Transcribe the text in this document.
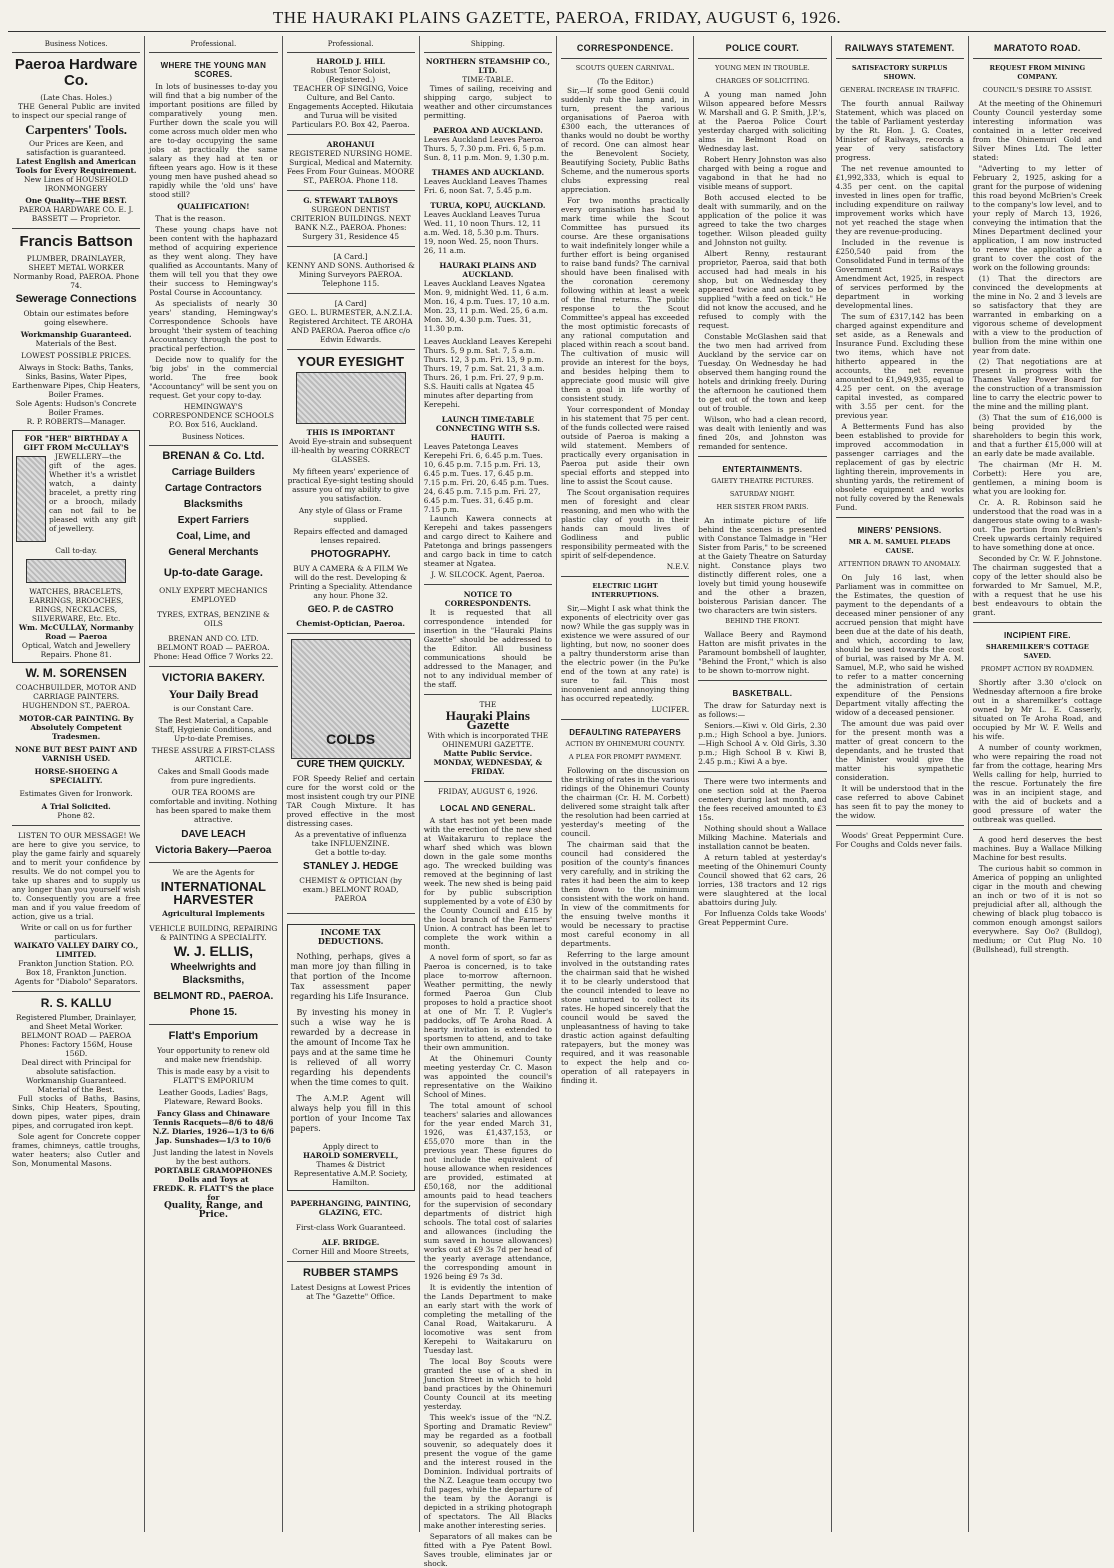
THE HAURAKI PLAINS GAZETTE, PAEROA, FRIDAY, AUGUST 6, 1926.
Business Notices.
Paeroa Hardware Co.
(Late Chas. Holes.)
THE General Public are invited to inspect our special range of
Carpenters' Tools.
Our Prices are Keen, and satisfaction is guaranteed.
Latest English and American Tools for Every Requirement.
New Lines of HOUSEHOLD IRONMONGERY
One Quality—THE BEST.
PAEROA HARDWARE CO. E. J. BASSETT — Proprietor.
Francis Battson
PLUMBER, DRAINLAYER, SHEET METAL WORKER
Normanby Road, PAEROA. Phone 74.
Sewerage Connections
Obtain our estimates before going elsewhere.
Workmanship Guaranteed.
Materials of the Best.
LOWEST POSSIBLE PRICES.
Always in Stock: Baths, Tanks, Sinks, Basins, Water Pipes, Earthenware Pipes, Chip Heaters, Boiler Frames.
Sole Agents: Hudson's Concrete Boiler Frames.
R. P. ROBERTS—Manager.
FOR "HER" BIRTHDAY A GIFT FROM McCULLAY'S
JEWELLERY—the gift of the ages. Whether it's a wristlet watch, a dainty bracelet, a pretty ring or a brooch, milady can not fail to be pleased with any gift of jewellery.
Call to-day.
WATCHES, BRACELETS, EARRINGS, BROOCHES, RINGS, NECKLACES, SILVERWARE, Etc. Etc.
Wm. McCULLAY, Normanby Road — Paeroa
Optical, Watch and Jewellery Repairs. Phone 81.
W. M. SORENSEN
COACHBUILDER, MOTOR AND CARRIAGE PAINTERS. HUGHENDON ST., PAEROA.
MOTOR-CAR PAINTING. By Absolutely Competent Tradesmen.
NONE BUT BEST PAINT AND VARNISH USED.
HORSE-SHOEING A SPECIALITY.
Estimates Given for Ironwork.
A Trial Solicited.
Phone 82.
LISTEN TO OUR MESSAGE! We are here to give you service, to play the game fairly and squarely and to merit your confidence by results. We do not compel you to take up shares and to supply us any longer than you yourself wish to. Consequently you are a free man and if you value freedom of action, give us a trial.
Write or call on us for further particulars.
WAIKATO VALLEY DAIRY CO., LIMITED.
Frankton Junction Station. P.O. Box 18, Frankton Junction. Agents for "Diabolo" Separators.
R. S. KALLU
Registered Plumber, Drainlayer, and Sheet Metal Worker.
BELMONT ROAD — PAEROA
Phones: Factory 156M, House 156D.
Deal direct with Principal for absolute satisfaction. Workmanship Guaranteed.
Material of the Best.
Full stocks of Baths, Basins, Sinks, Chip Heaters, Spouting, down pipes, water pipes, drain pipes, and corrugated iron kept.
Sole agent for Concrete copper frames, chimneys, cattle troughs, water heaters; also Cutler and Son, Monumental Masons.
Professional.
WHERE THE YOUNG MAN SCORES.
In lots of businesses to-day you will find that a big number of the important positions are filled by comparatively young men. Further down the scale you will come across much older men who are to-day occupying the same jobs at practically the same salary as they had at ten or fifteen years ago. How is it these young men have pushed ahead so rapidly while the 'old uns' have stood still?
QUALIFICATION!
That is the reason.
These young chaps have not been content with the haphazard method of acquiring experience as they went along. They have qualified as Accountants. Many of them will tell you that they owe their success to Hemingway's Postal Course in Accountancy.
As specialists of nearly 30 years' standing, Hemingway's Correspondence Schools have brought 'their system of teaching Accountancy through the post to practical perfection.
Decide now to qualify for the 'big jobs' in the commercial world. The free book "Accountancy" will be sent you on request. Get your copy to-day.
HEMINGWAY'S CORRESPONDENCE SCHOOLS P.O. Box 516, Auckland.
Business Notices.
BRENAN & Co. Ltd.
Carriage Builders
Cartage Contractors
Blacksmiths
Expert Farriers
Coal, Lime, and
General Merchants
Up-to-date Garage.
ONLY EXPERT MECHANICS EMPLOYED
TYRES, EXTRAS, BENZINE & OILS
BRENAN AND CO. LTD. BELMONT ROAD — PAEROA.
Phone: Head Office 7 Works 22.
VICTORIA BAKERY.
Your Daily Bread
is our Constant Care.
The Best Material, a Capable Staff, Hygienic Conditions, and Up-to-date Premises.
THESE ASSURE A FIRST-CLASS ARTICLE.
Cakes and Small Goods made from pure ingredients.
OUR TEA ROOMS are comfortable and inviting. Nothing has been spared to make them attractive.
DAVE LEACH
Victoria Bakery—Paeroa
We are the Agents for
INTERNATIONAL HARVESTER
Agricultural Implements
VEHICLE BUILDING, REPAIRING & PAINTING A SPECIALITY.
W. J. ELLIS,
Wheelwrights and Blacksmiths,
BELMONT RD., PAEROA.
Phone 15.
Flatt's Emporium
Your opportunity to renew old and make new friendship.
This is made easy by a visit to FLATT'S EMPORIUM
Leather Goods, Ladies' Bags, Plateware, Reward Books.
Fancy Glass and Chinaware Tennis Racquets—8/6 to 48/6 N.Z. Diaries, 1926—1/3 to 6/6 Jap. Sunshades—1/3 to 10/6
Just landing the latest in Novels by the best authors.
PORTABLE GRAMOPHONES Dolls and Toys at
FREDK. R. FLATT'S the place for
Quality, Range, and Price.
Professional.
HAROLD J. HILL
Robust Tenor Soloist, (Registered.)
TEACHER OF SINGING, Voice Culture, and Bel Canto. Engagements Accepted. Hikutaia and Turua will be visited Particulars P.O. Box 42, Paeroa.
AROHANUI
REGISTERED NURSING HOME. Surgical, Medical and Maternity. Fees From Four Guineas. MOORE ST., PAEROA. Phone 118.
G. STEWART TALBOYS
SURGEON DENTIST
CRITERION BUILDINGS. NEXT BANK N.Z., PAEROA. Phones: Surgery 31, Residence 45
[A Card.]
KENNY AND SONS. Authorised & Mining Surveyors PAEROA. Telephone 115.
[A Card]
GEO. L. BURMESTER, A.N.Z.I.A. Registered Architect. TE AROHA AND PAEROA. Paeroa office c/o Edwin Edwards.
YOUR EYESIGHT
THIS IS IMPORTANT
Avoid Eye-strain and subsequent ill-health by wearing CORRECT GLASSES.
My fifteen years' experience of practical Eye-sight testing should assure you of my ability to give you satisfaction.
Any style of Glass or Frame supplied.
Repairs effected and damaged lenses repaired.
PHOTOGRAPHY.
BUY A CAMERA & A FILM We will do the rest. Developing & Printing a Speciality. Attendance any hour. Phone 32.
GEO. P. de CASTRO
Chemist-Optician, Paeroa.
COLDS
CURE THEM QUICKLY.
FOR Speedy Relief and certain cure for the worst cold or the most insistent cough try our PINE TAR Cough Mixture. It has proved effective in the most distressing cases.
As a preventative of influenza take INFLUENZINE.
Get a bottle to-day.
STANLEY J. HEDGE
CHEMIST & OPTICIAN (by exam.) BELMONT ROAD, PAEROA
INCOME TAX DEDUCTIONS.
Nothing, perhaps, gives a man more joy than filling in that portion of the Income Tax assessment paper regarding his Life Insurance.
By investing his money in such a wise way he is rewarded by a decrease in the amount of Income Tax he pays and at the same time he is relieved of all worry regarding his dependents when the time comes to quit.
The A.M.P. Agent will always help you fill in this portion of your Income Tax papers.
Apply direct to
HAROLD SOMERVELL,
Thames & District Representative A.M.P. Society, Hamilton.
PAPERHANGING, PAINTING, GLAZING, ETC.
First-class Work Guaranteed.
ALF. BRIDGE.
Corner Hill and Moore Streets,
RUBBER STAMPS
Latest Designs at Lowest Prices at The "Gazette" Office.
Shipping.
NORTHERN STEAMSHIP CO., LTD.
TIME-TABLE.
Times of sailing, receiving and shipping cargo, subject to weather and other circumstances permitting.
PAEROA AND AUCKLAND.
Leaves Auckland Leaves Paeroa Thurs. 5, 7.30 p.m. Fri. 6, 5 p.m. Sun. 8, 11 p.m. Mon. 9, 1.30 p.m.
THAMES AND AUCKLAND.
Leaves Auckland Leaves Thames Fri. 6, noon Sat. 7, 5.45 p.m.
TURUA, KOPU, AUCKLAND.
Leaves Auckland Leaves Turua Wed. 11, 10 noon Thurs. 12, 11 a.m. Wed. 18, 5.30 p.m. Thurs. 19, noon Wed. 25, noon Thurs. 26, 11 a.m.
HAURAKI PLAINS AND AUCKLAND.
Leaves Auckland Leaves Ngatea Mon. 9, midnight Wed. 11, 6 a.m. Mon. 16, 4 p.m. Tues. 17, 10 a.m. Mon. 23, 11 p.m. Wed. 25, 6 a.m. Mon. 30, 4.30 p.m. Tues. 31, 11.30 p.m.
Leaves Auckland Leaves Kerepehi Thurs. 5, 9 p.m. Sat. 7, 5 a.m. Thurs. 12, 3 p.m. Fri. 13, 9 p.m. Thurs. 19, 7 p.m. Sat. 21, 3 a.m. Thurs. 26, 1 p.m. Fri. 27, 9 p.m. S.S. Hauiti calls at Ngatea 45 minutes after departing from Kerepehi.
LAUNCH TIME-TABLE CONNECTING WITH S.S. HAUITI.
Leaves Patetonga Leaves Kerepehi Fri. 6, 6.45 p.m. Tues. 10, 6.45 p.m. 7.15 p.m. Fri. 13, 6.45 p.m. Tues. 17, 6.45 p.m. 7.15 p.m. Fri. 20, 6.45 p.m. Tues. 24, 6.45 p.m. 7.15 p.m. Fri. 27, 6.45 p.m. Tues. 31, 6.45 p.m. 7.15 p.m.
Launch Kawera connects at Kerepehi and takes passengers and cargo direct to Kaihere and Patetonga and brings passengers and cargo back in time to catch steamer at Ngatea.
J. W. SILCOCK. Agent, Paeroa.
NOTICE TO CORRESPONDENTS.
It is requested that all correspondence intended for insertion in the "Hauraki Plains Gazette" should be addressed to the Editor. All business communications should be addressed to the Manager, and not to any individual member of the staff.
THE
Hauraki Plains Gazette
With which is incorporated THE OHINEMURI GAZETTE.
Matte Public Service. MONDAY, WEDNESDAY, & FRIDAY.
FRIDAY, AUGUST 6, 1926.
LOCAL AND GENERAL.
A start has not yet been made with the erection of the new shed at Waitakaruru to replace the wharf shed which was blown down in the gale some months ago. The wrecked building was removed at the beginning of last week. The new shed is being paid for by public subscription supplemented by a vote of £30 by the County Council and £15 by the local branch of the Farmers' Union. A contract has been let to complete the work within a month.
A novel form of sport, so far as Paeroa is concerned, is to take place to-morrow afternoon. Weather permitting, the newly formed Paeroa Gun Club proposes to hold a practice shoot at one of Mr. T. P. Vugler's paddocks, off Te Aroha Road. A hearty invitation is extended to sportsmen to attend, and to take their own ammunition.
At the Ohinemuri County meeting yesterday Cr. C. Mason was appointed the council's representative on the Waikino School of Mines.
The total amount of school teachers' salaries and allowances for the year ended March 31, 1926, was £1,437,153, or £55,070 more than in the previous year. These figures do not include the equivalent of house allowance when residences are provided, estimated at £50,168, nor the additional amounts paid to head teachers for the supervision of secondary departments of district high schools. The total cost of salaries and allowances (including the sum saved in house allowances) works out at £9 3s 7d per head of the yearly average attendance, the corresponding amount in 1926 being £9 7s 3d.
It is evidently the intention of the Lands Department to make an early start with the work of completing the metalling of the Canal Road, Waitakaruru. A locomotive was sent from Kerepehi to Waitakaruru on Tuesday last.
The local Boy Scouts were granted the use of a shed in Junction Street in which to hold band practices by the Ohinemuri County Council at its meeting yesterday.
This week's issue of the "N.Z. Sporting and Dramatic Review" may be regarded as a football souvenir, so adequately does it present the vogue of the game and the interest roused in the Dominion. Individual portraits of the N.Z. League team occupy two full pages, while the departure of the team by the Aorangi is depicted in a striking photograph of spectators. The All Blacks make another interesting series.
Separators of all makes can be fitted with a Pye Patent Bowl. Saves trouble, eliminates jar or shock.
CORRESPONDENCE.
SCOUTS QUEEN CARNIVAL.
(To the Editor.)
Sir,—If some good Genii could suddenly rub the lamp and, in turn, present the various organisations of Paeroa with £300 each, the utterances of thanks would no doubt be worthy of record. One can almost hear the Benevolent Society, Beautifying Society, Public Baths Scheme, and the numerous sports clubs expressing real appreciation.
For two months practically every organisation has had to mark time while the Scout Committee has pursued its course. Are these organisations to wait indefinitely longer while a further effort is being organised to raise band funds? The carnival should have been finalised with the coronation ceremony following within at least a week of the final returns. The public response to the Scout Committee's appeal has exceeded the most optimistic forecasts of any rational computation and placed within reach a scout band. The cultivation of music will provide an interest for the boys, and besides helping them to appreciate good music will give them a goal in life worthy of consistent study.
Your correspondent of Monday in his statement that 75 per cent. of the funds collected were raised outside of Paeroa is making a wild statement. Members of practically every organisation in Paeroa put aside their own special efforts and stepped into line to assist the Scout cause.
The Scout organisation requires men of foresight and clear reasoning, and men who with the plastic clay of youth in their hands can mould lives of Godliness and public responsibility permeated with the spirit of self-dependence.
N.E.V.
ELECTRIC LIGHT INTERRUPTIONS.
Sir,—Might I ask what think the exponents of electricity over gas now? While the gas supply was in existence we were assured of our lighting, but now, no sooner does a paltry thunderstorm arise than the electric power (in the Pu'ke end of the town at any rate) is sure to fail. This most inconvenient and annoying thing has occurred repeatedly.
LUCIFER.
DEFAULTING RATEPAYERS
ACTION BY OHINEMURI COUNTY.
A PLEA FOR PROMPT PAYMENT.
Following on the discussion on the striking of rates in the various ridings of the Ohinemuri County the chairman (Cr. H. M. Corbett) delivered some straight talk after the resolution had been carried at yesterday's meeting of the council.
The chairman said that the council had considered the position of the county's finances very carefully, and in striking the rates it had been the aim to keep them down to the minimum consistent with the work on hand. In view of the commitments for the ensuing twelve months it would be necessary to practise most careful economy in all departments.
Referring to the large amount involved in the outstanding rates the chairman said that he wished it to be clearly understood that the council intended to leave no stone unturned to collect its rates. He hoped sincerely that the council would be saved the unpleasantness of having to take drastic action against defaulting ratepayers, but the money was required, and it was reasonable to expect the help and co-operation of all ratepayers in finding it.
POLICE COURT.
YOUNG MEN IN TROUBLE.
CHARGES OF SOLICITING.
A young man named John Wilson appeared before Messrs W. Marshall and G. P. Smith, J.P.'s, at the Paeroa Police Court yesterday charged with soliciting alms in Belmont Road on Wednesday last.
Robert Henry Johnston was also charged with being a rogue and vagabond in that he had no visible means of support.
Both accused elected to be dealt with summarily, and on the application of the police it was agreed to take the two charges together. Wilson pleaded guilty and Johnston not guilty.
Albert Renny, restaurant proprietor, Paeroa, said that both accused had had meals in his shop, but on Wednesday they appeared twice and asked to be supplied "with a feed on tick." He did not know the accused, and he refused to comply with the request.
Constable McGlashen said that the two men had arrived from Auckland by the service car on Tuesday. On Wednesday he had observed them hanging round the hotels and drinking freely. During the afternoon he cautioned them to get out of the town and keep out of trouble.
Wilson, who had a clean record, was dealt with leniently and was fined 20s, and Johnston was remanded for sentence.
ENTERTAINMENTS.
GAIETY THEATRE PICTURES.
SATURDAY NIGHT.
HER SISTER FROM PARIS.
An intimate picture of life behind the scenes is presented with Constance Talmadge in "Her Sister from Paris," to be screened at the Gaiety Theatre on Saturday night. Constance plays two distinctly different roles, one a lovely but timid young housewife and the other a brazen, boisterous Parisian dancer. The two characters are twin sisters.
BEHIND THE FRONT.
Wallace Beery and Raymond Hatton are misfit privates in the Paramount bombshell of laughter, "Behind the Front," which is also to be shown to-morrow night.
BASKETBALL.
The draw for Saturday next is as follows:—
Seniors.—Kiwi v. Old Girls, 2.30 p.m.; High School a bye. Juniors.—High School A v. Old Girls, 3.30 p.m.; High School B v. Kiwi B, 2.45 p.m.; Kiwi A a bye.
There were two interments and one section sold at the Paeroa cemetery during last month, and the fees received amounted to £3 15s.
Nothing should shout a Wallace Milking Machine. Materials and installation cannot be beaten.
A return tabled at yesterday's meeting of the Ohinemuri County Council showed that 62 cars, 26 lorries, 138 tractors and 12 rigs were slaughtered at the local abattoirs during July.
For Influenza Colds take Woods' Great Peppermint Cure.
RAILWAYS STATEMENT.
SATISFACTORY SURPLUS SHOWN.
GENERAL INCREASE IN TRAFFIC.
The fourth annual Railway Statement, which was placed on the table of Parliament yesterday by the Rt. Hon. J. G. Coates, Minister of Railways, records a year of very satisfactory progress.
The net revenue amounted to £1,992,333, which is equal to 4.35 per cent. on the capital invested in lines open for traffic, including expenditure on railway improvement works which have not yet reached the stage when they are revenue-producing.
Included in the revenue is £250,540 paid from the Consolidated Fund in terms of the Government Railways Amendment Act, 1925, in respect of services performed by the department in working developmental lines.
The sum of £317,142 has been charged against expenditure and set aside, as a Renewals and Insurance Fund. Excluding these two items, which have not hitherto appeared in the accounts, the net revenue amounted to £1,949,935, equal to 4.25 per cent. on the average capital invested, as compared with 3.55 per cent. for the previous year.
A Betterments Fund has also been established to provide for improved accommodation in passenger carriages and the replacement of gas by electric lighting therein, improvements in shunting yards, the retirement of obsolete equipment and works not fully covered by the Renewals Fund.
MINERS' PENSIONS.
MR A. M. SAMUEL PLEADS CAUSE.
ATTENTION DRAWN TO ANOMALY.
On July 16 last, when Parliament was in committee on the Estimates, the question of payment to the dependants of a deceased miner pensioner of any accrued pension that might have been due at the date of his death, and which, according to law, should be used towards the cost of burial, was raised by Mr A. M. Samuel, M.P., who said he wished to refer to a matter concerning the administration of certain expenditure of the Pensions Department vitally affecting the widow of a deceased pensioner.
The amount due was paid over for the present month was a matter of great concern to the dependants, and he trusted that the Minister would give the matter his sympathetic consideration.
It will be understood that in the case referred to above Cabinet has seen fit to pay the money to the widow.
Woods' Great Peppermint Cure. For Coughs and Colds never fails.
MARATOTO ROAD.
REQUEST FROM MINING COMPANY.
COUNCIL'S DESIRE TO ASSIST.
At the meeting of the Ohinemuri County Council yesterday some interesting information was contained in a letter received from the Ohinemuri Gold and Silver Mines Ltd. The letter stated:
"Adverting to my letter of February 2, 1925, asking for a grant for the purpose of widening this road beyond McBrien's Creek to the company's low level, and to your reply of March 13, 1926, conveying the intimation that the Mines Department declined your application, I am now instructed to renew the application for a grant to cover the cost of the work on the following grounds:
(1) That the directors are convinced the developments at the mine in No. 2 and 3 levels are so satisfactory that they are warranted in embarking on a vigorous scheme of development with a view to the production of bullion from the mine within one year from date.
(2) That negotiations are at present in progress with the Thames Valley Power Board for the construction of a transmission line to carry the electric power to the mine and the milling plant.
(3) That the sum of £16,000 is being provided by the shareholders to begin this work, and that a further £15,000 will at an early date be made available.
The chairman (Mr H. M. Corbett): Here you are, gentlemen, a mining boom is what you are looking for.
Cr. A. R. Robinson said he understood that the road was in a dangerous state owing to a wash-out. The portion from McBrien's Creek upwards certainly required to have something done at once.
Seconded by Cr. W. F. Johnstone. The chairman suggested that a copy of the letter should also be forwarded to Mr Samuel, M.P., with a request that he use his best endeavours to obtain the grant.
INCIPIENT FIRE.
SHAREMILKER'S COTTAGE SAVED.
PROMPT ACTION BY ROADMEN.
Shortly after 3.30 o'clock on Wednesday afternoon a fire broke out in a sharemilker's cottage owned by Mr L. E. Casserly, situated on Te Aroha Road, and occupied by Mr W. F. Wells and his wife.
A number of county workmen, who were repairing the road not far from the cottage, hearing Mrs Wells calling for help, hurried to the rescue. Fortunately the fire was in an incipient stage, and with the aid of buckets and a good pressure of water the outbreak was quelled.
A good herd deserves the best machines. Buy a Wallace Milking Machine for best results.
The curious habit so common in America of popping an unlighted cigar in the mouth and chewing an inch or two of it is not so prejudicial after all, although the chewing of black plug tobacco is common enough amongst sailors everywhere. Say Oo? (Bulldog), medium; or Cut Plug No. 10 (Bullshead), full strength.
